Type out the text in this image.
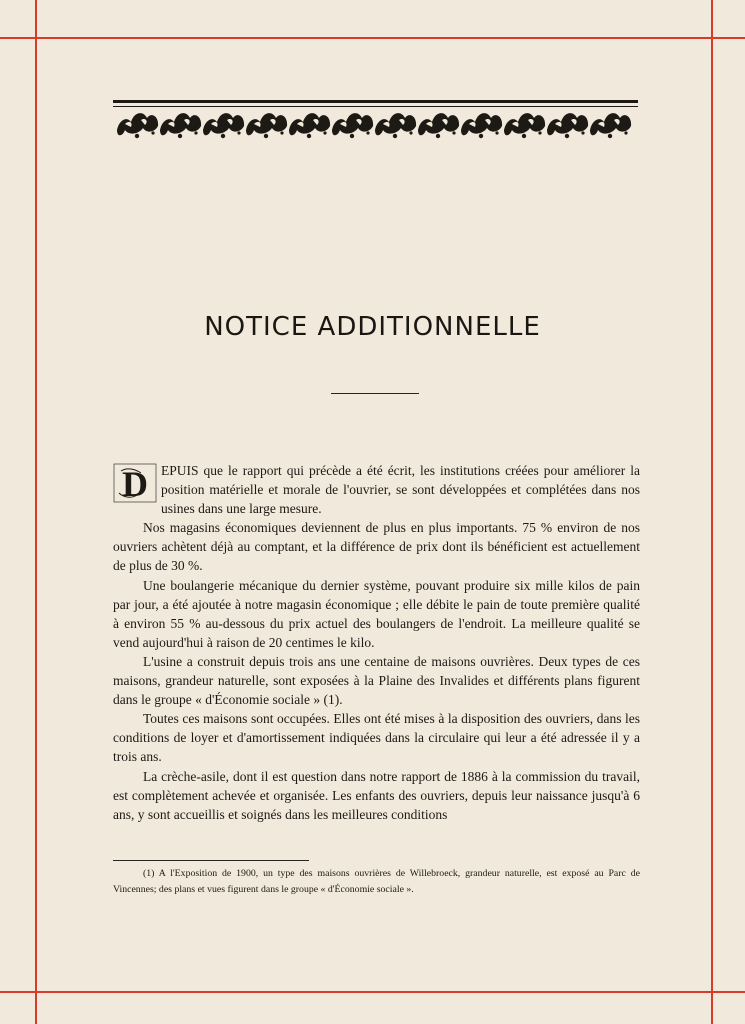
NOTICE ADDITIONNELLE

D EPUIS que le rapport qui précède a été écrit, les institutions créées pour améliorer la position matérielle et morale de l'ouvrier, se sont développées et complétées dans nos usines dans une large mesure.

Nos magasins économiques deviennent de plus en plus importants. 75 % environ de nos ouvriers achètent déjà au comptant, et la différence de prix dont ils bénéficient est actuellement de plus de 30 %.

Une boulangerie mécanique du dernier système, pouvant produire six mille kilos de pain par jour, a été ajoutée à notre magasin économique ; elle débite le pain de toute première qualité à environ 55 % au-dessous du prix actuel des boulangers de l'endroit. La meilleure qualité se vend aujourd'hui à raison de 20 centimes le kilo.

L'usine a construit depuis trois ans une centaine de maisons ouvrières. Deux types de ces maisons, grandeur naturelle, sont exposées à la Plaine des Invalides et différents plans figurent dans le groupe « d'Économie sociale » (1).

Toutes ces maisons sont occupées. Elles ont été mises à la disposition des ouvriers, dans les conditions de loyer et d'amortissement indiquées dans la circulaire qui leur a été adressée il y a trois ans.

La crèche-asile, dont il est question dans notre rapport de 1886 à la commission du travail, est complètement achevée et organisée. Les enfants des ouvriers, depuis leur naissance jusqu'à 6 ans, y sont accueillis et soignés dans les meilleures conditions

(1) A l'Exposition de 1900, un type des maisons ouvrières de Willebroeck, grandeur naturelle, est exposé au Parc de Vincennes; des plans et vues figurent dans le groupe « d'Économie sociale ».
